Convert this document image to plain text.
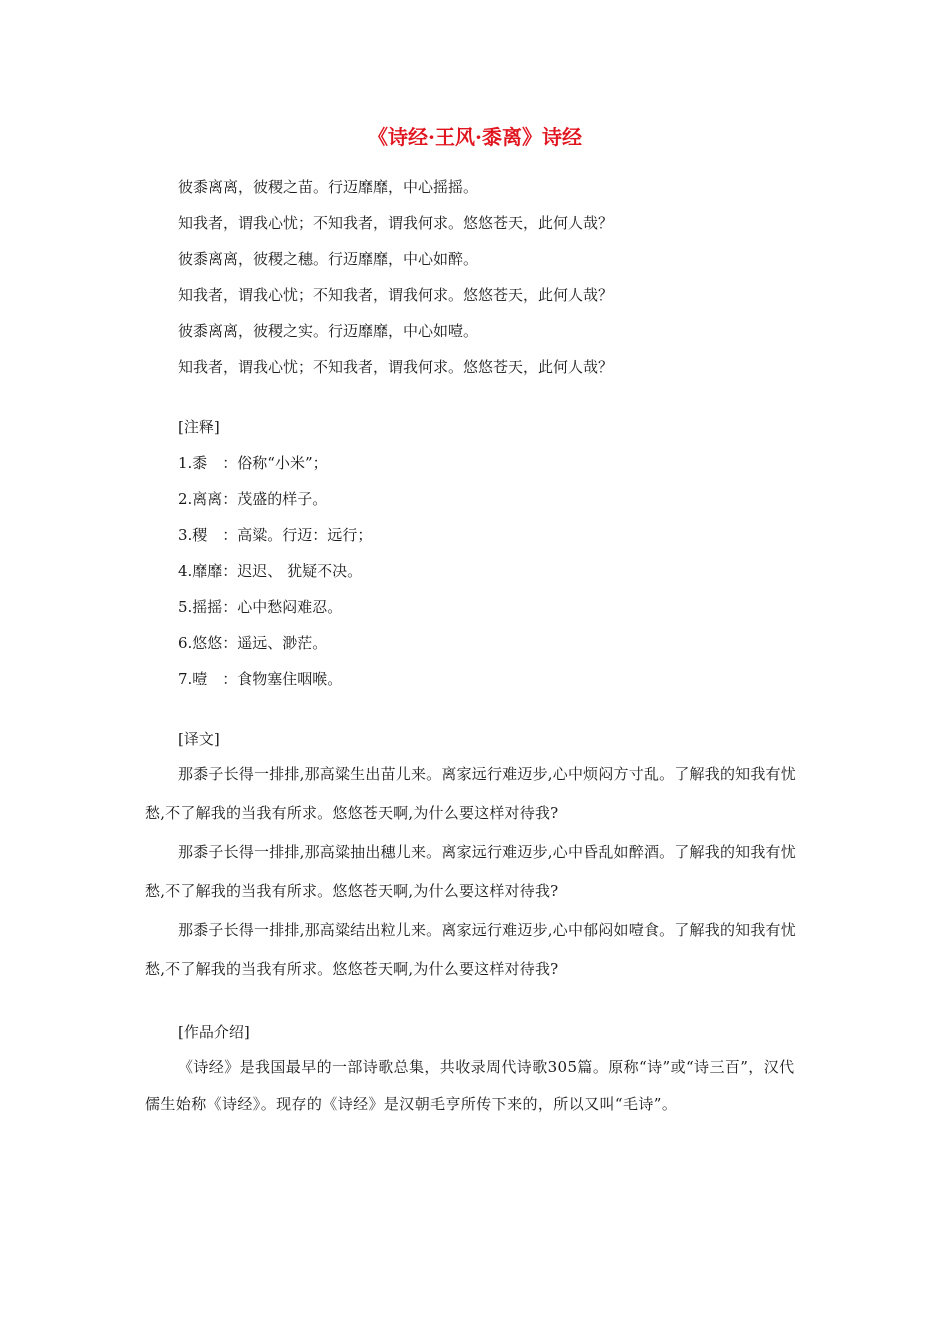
《诗经·王风·黍离》诗经
彼黍离离，彼稷之苗。行迈靡靡，中心摇摇。
知我者，谓我心忧；不知我者，谓我何求。悠悠苍天，此何人哉？
彼黍离离，彼稷之穗。行迈靡靡，中心如醉。
知我者，谓我心忧；不知我者，谓我何求。悠悠苍天，此何人哉？
彼黍离离，彼稷之实。行迈靡靡，中心如噎。
知我者，谓我心忧；不知我者，谓我何求。悠悠苍天，此何人哉？
[注释]
1.黍　：俗称“小米”；
2.离离：茂盛的样子。
3.稷　：高粱。行迈：远行；
4.靡靡：迟迟、 犹疑不决。
5.摇摇：心中愁闷难忍。
6.悠悠：遥远、渺茫。
7.噎　：食物塞住咽喉。
[译文]

那黍子长得一排排,那高粱生出苗儿来。离家远行难迈步,心中烦闷方寸乱。了解我的知我有忧愁,不了解我的当我有所求。悠悠苍天啊,为什么要这样对待我?

那黍子长得一排排,那高粱抽出穗儿来。离家远行难迈步,心中昏乱如醉酒。了解我的知我有忧愁,不了解我的当我有所求。悠悠苍天啊,为什么要这样对待我?

那黍子长得一排排,那高粱结出粒儿来。离家远行难迈步,心中郁闷如噎食。了解我的知我有忧愁,不了解我的当我有所求。悠悠苍天啊,为什么要这样对待我?

[作品介绍]

《诗经》是我国最早的一部诗歌总集，共收录周代诗歌305篇。原称“诗”或“诗三百”，汉代儒生始称《诗经》。现存的《诗经》是汉朝毛亨所传下来的，所以又叫“毛诗”。
